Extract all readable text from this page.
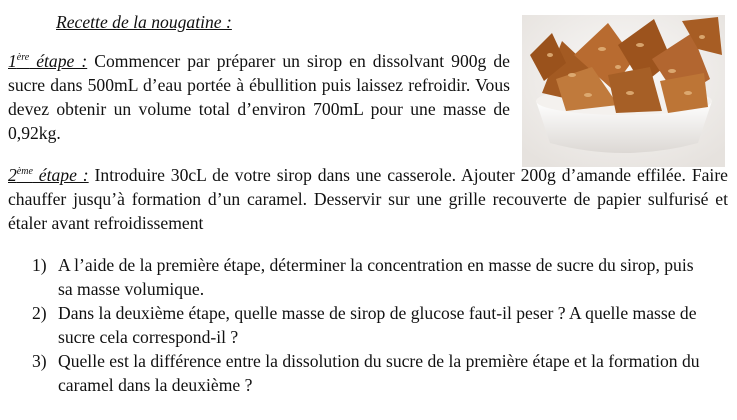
Recette de la nougatine :
1ère étape : Commencer par préparer un sirop en dissolvant 900g de sucre dans 500mL d’eau portée à ébullition puis laissez refroidir. Vous devez obtenir un volume total d’environ 700mL pour une masse de 0,92kg.
2ème étape : Introduire 30cL de votre sirop dans une casserole. Ajouter 200g d’amande effilée. Faire chauffer jusqu’à formation d’un caramel. Desservir sur une grille recouverte de papier sulfurisé et étaler avant refroidissement
1) A l’aide de la première étape, déterminer la concentration en masse de sucre du sirop, puis sa masse volumique.
2) Dans la deuxième étape, quelle masse de sirop de glucose faut-il peser ? A quelle masse de sucre cela correspond-il ?
3) Quelle est la différence entre la dissolution du sucre de la première étape et la formation du caramel dans la deuxième ?
